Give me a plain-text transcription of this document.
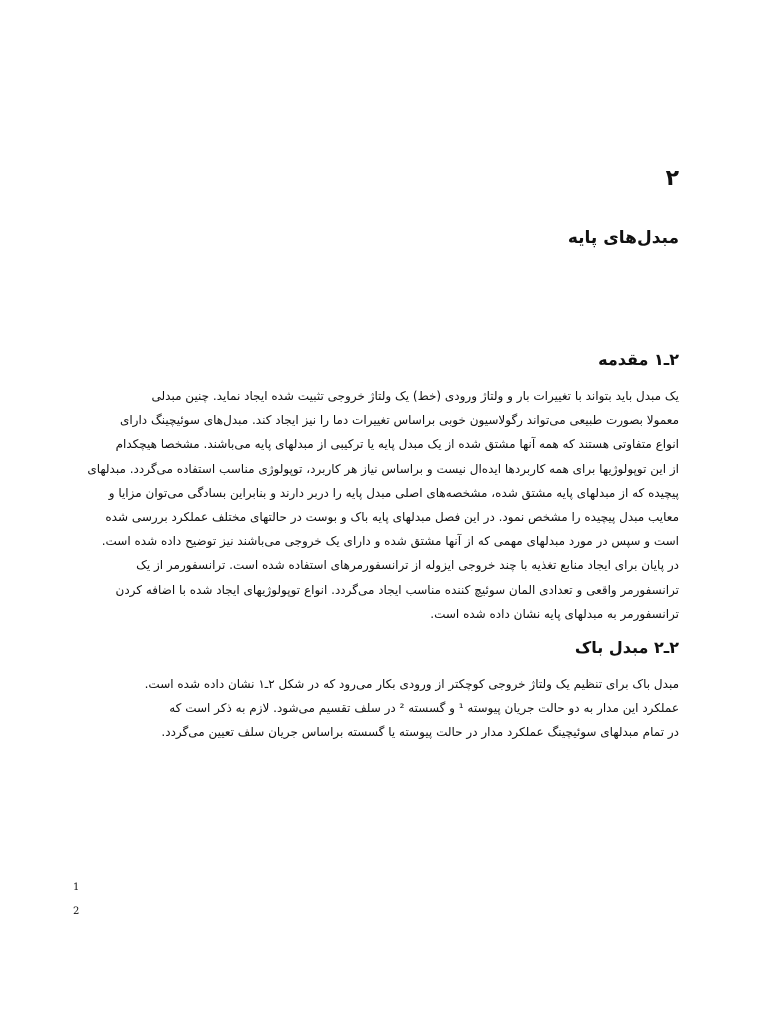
۲
مبدل‌های پایه
۲ـ۱ مقدمه
یک مبدل باید بتواند با تغییرات بار و ولتاژ ورودی (خط) یک ولتاژ خروجی تثبیت شده ایجاد نماید. چنین مبدلی
معمولا بصورت طبیعی می‌تواند رگولاسیون خوبی براساس تغییرات دما را نیز ایجاد کند. مبدل‌های سوئیچینگ دارای
انواع متفاوتی هستند که همه آنها مشتق شده از یک مبدل پایه یا ترکیبی از مبدلهای پایه می‌باشند. مشخصا هیچکدام
از این توپولوژیها برای همه کاربردها ایده‌ال نیست و براساس نیاز هر کاربرد، توپولوژی مناسب استفاده می‌گردد. مبدلهای
پیچیده که از مبدلهای پایه مشتق شده، مشخصه‌های اصلی مبدل پایه را دربر دارند و بنابراین بسادگی می‌توان مزایا و
معایب مبدل پیچیده را مشخص نمود. در این فصل مبدلهای پایه باک و بوست در حالتهای مختلف عملکرد بررسی شده
است و سپس در مورد مبدلهای مهمی که از آنها مشتق شده و دارای یک خروجی می‌باشند نیز توضیح داده شده است.
در پایان برای ایجاد منابع تغذیه با چند خروجی ایزوله از ترانسفورمرهای استفاده شده است. ترانسفورمر از یک
ترانسفورمر واقعی و تعدادی المان سوئیچ کننده مناسب ایجاد می‌گردد. انواع توپولوژیهای ایجاد شده با اضافه کردن
ترانسفورمر به مبدلهای پایه نشان داده شده است.
۲ـ۲ مبدل باک
مبدل باک برای تنظیم یک ولتاژ خروجی کوچکتر از ورودی بکار می‌رود که در شکل ۲ـ۱ نشان داده شده است.
عملکرد این مدار به دو حالت جریان پیوسته ¹ و گسسته ² در سلف تقسیم می‌شود. لازم به ذکر است که
در تمام مبدلهای سوئیچینگ عملکرد مدار در حالت پیوسته یا گسسته براساس جریان سلف تعیین می‌گردد.
1
2
